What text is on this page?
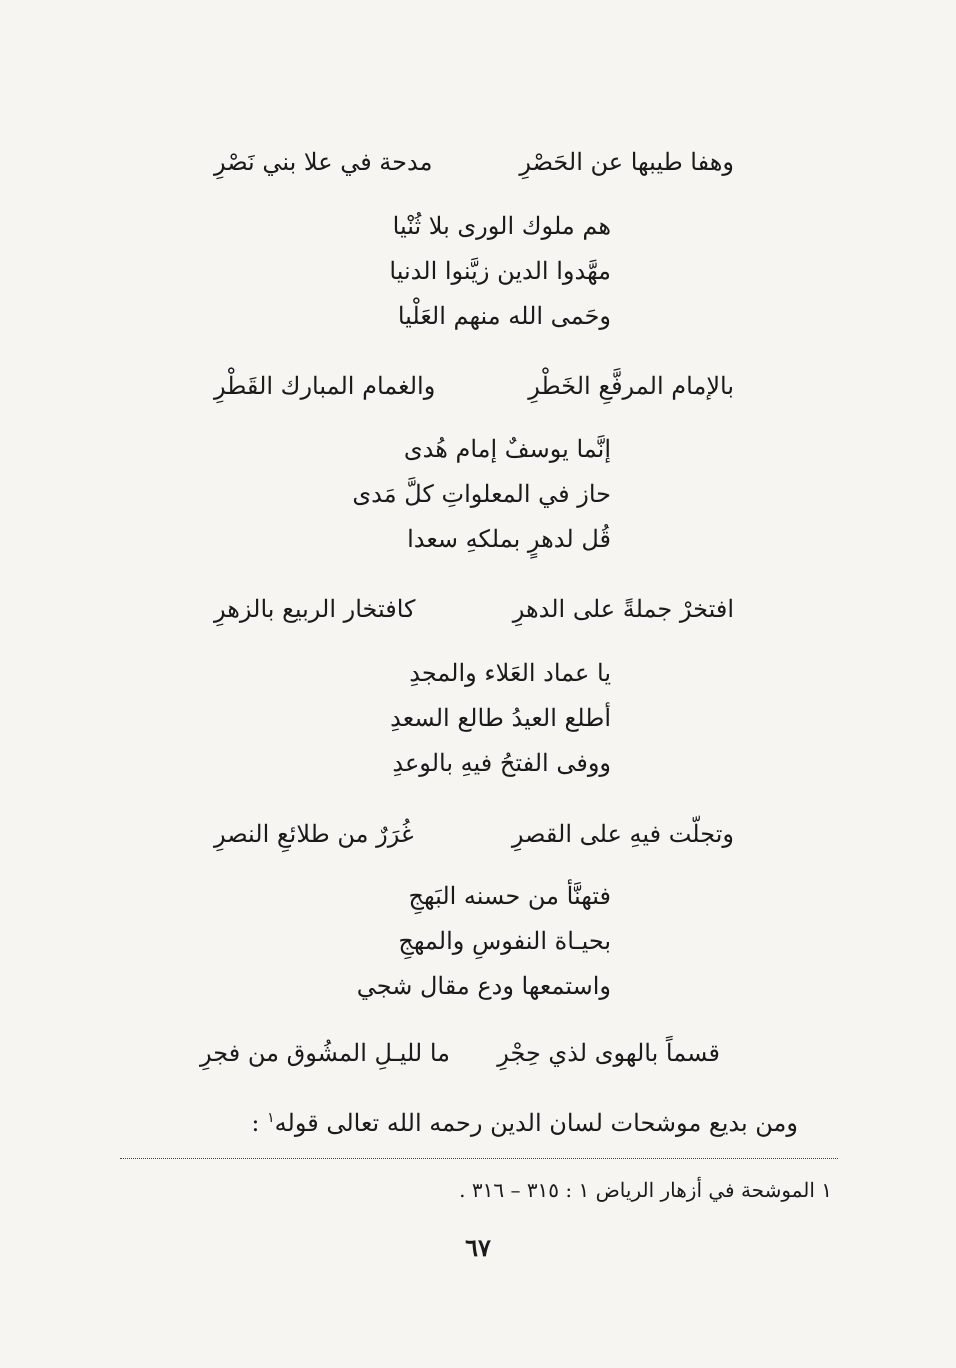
وهفا طيبها عن الحَصْرِ
مدحة في علا بني نَصْرِ
هم ملوك الورى بلا ثُنْيا
مهَّدوا الدين زيَّنوا الدنيا
وحَمى الله منهم العَلْيا
بالإمام المرفَّعِ الخَطْرِ
والغمام المبارك القَطْرِ
إنَّما يوسفٌ إمام هُدى
حاز في المعلواتِ كلَّ مَدى
قُل لدهرٍ بملكهِ سعدا
افتخرْ جملةً على الدهرِ
كافتخار الربيع بالزهرِ
يا عماد العَلاء والمجدِ
أطلع العيدُ طالع السعدِ
ووفى الفتحُ فيهِ بالوعدِ
وتجلّت فيهِ على القصرِ
غُرَرٌ من طلائعِ النصرِ
فتهنَّأ من حسنه البَهجِ
بحيـاة النفوسِ والمهجِ
واستمعها ودع مقال شجي
قسماً بالهوى لذي حِجْرِ
ما لليـلِ المشُوق من فجرِ
ومن بديع موشحات لسان الدين رحمه الله تعالى قوله$^١$ :
١ الموشحة في أزهار الرياض ١ : ٣١٥ – ٣١٦ .
٦٧
